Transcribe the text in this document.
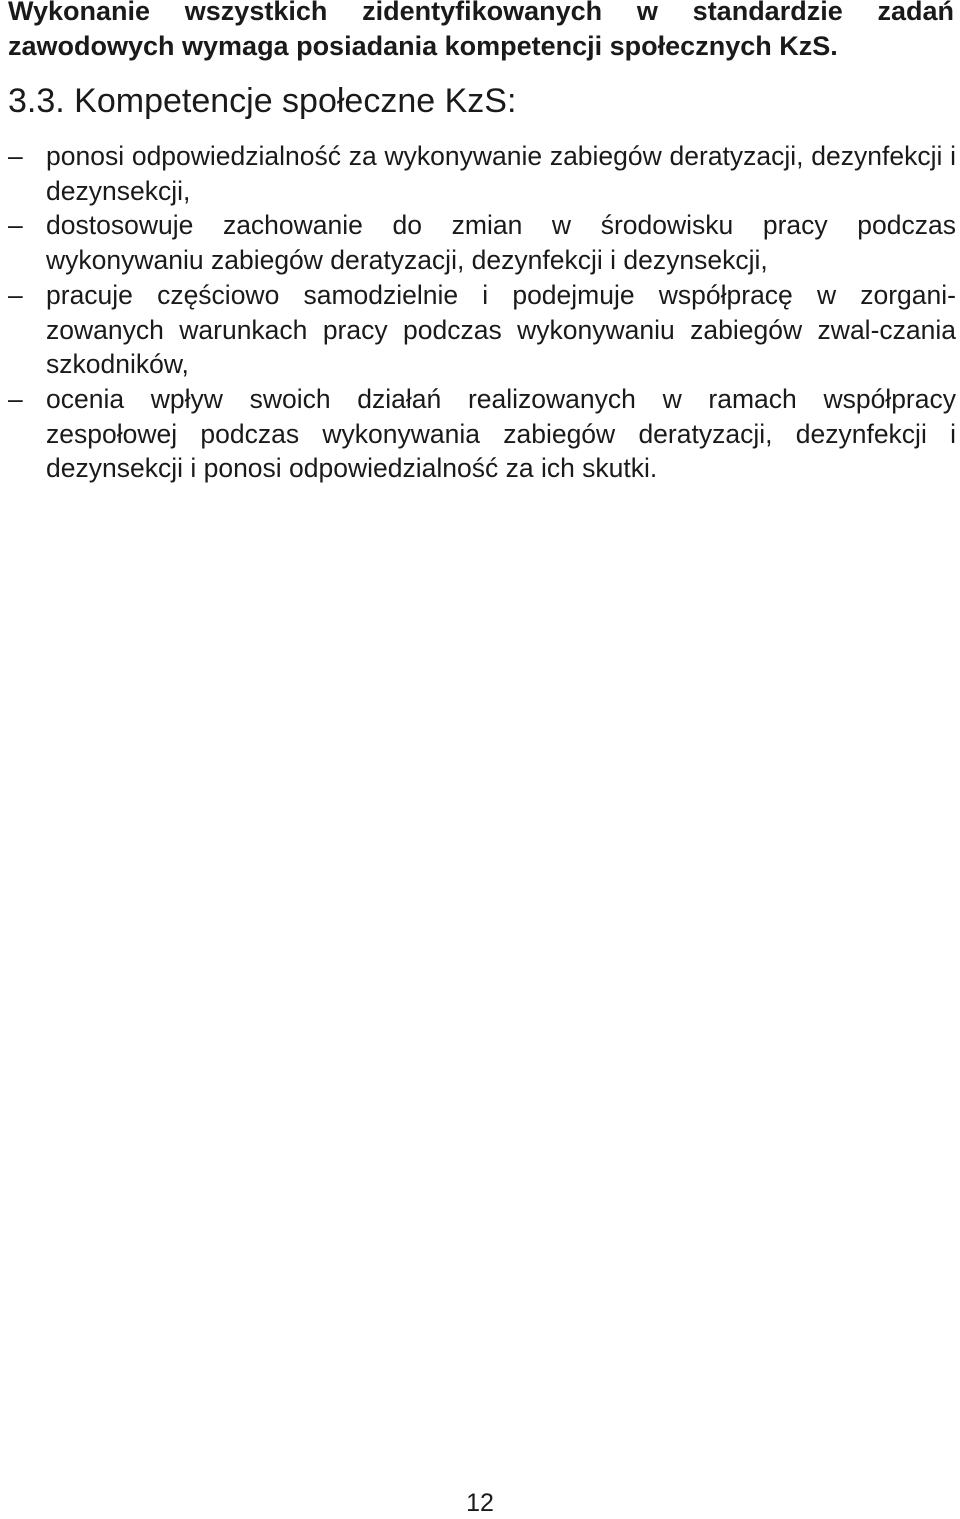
Wykonanie wszystkich zidentyfikowanych w standardzie zadań zawodowych wymaga posiadania kompetencji społecznych KzS.

3.3. Kompetencje społeczne KzS:
– ponosi odpowiedzialność za wykonywanie zabiegów deratyzacji, dezynfekcji i dezynsekcji,
– dostosowuje zachowanie do zmian w środowisku pracy podczas wykonywaniu zabiegów deratyzacji, dezynfekcji i dezynsekcji,
– pracuje częściowo samodzielnie i podejmuje współpracę w zorgani-zowanych warunkach pracy podczas wykonywaniu zabiegów zwal-czania szkodników,
– ocenia wpływ swoich działań realizowanych w ramach współpracy zespołowej podczas wykonywania zabiegów deratyzacji, dezynfekcji i dezynsekcji i ponosi odpowiedzialność za ich skutki.
12
